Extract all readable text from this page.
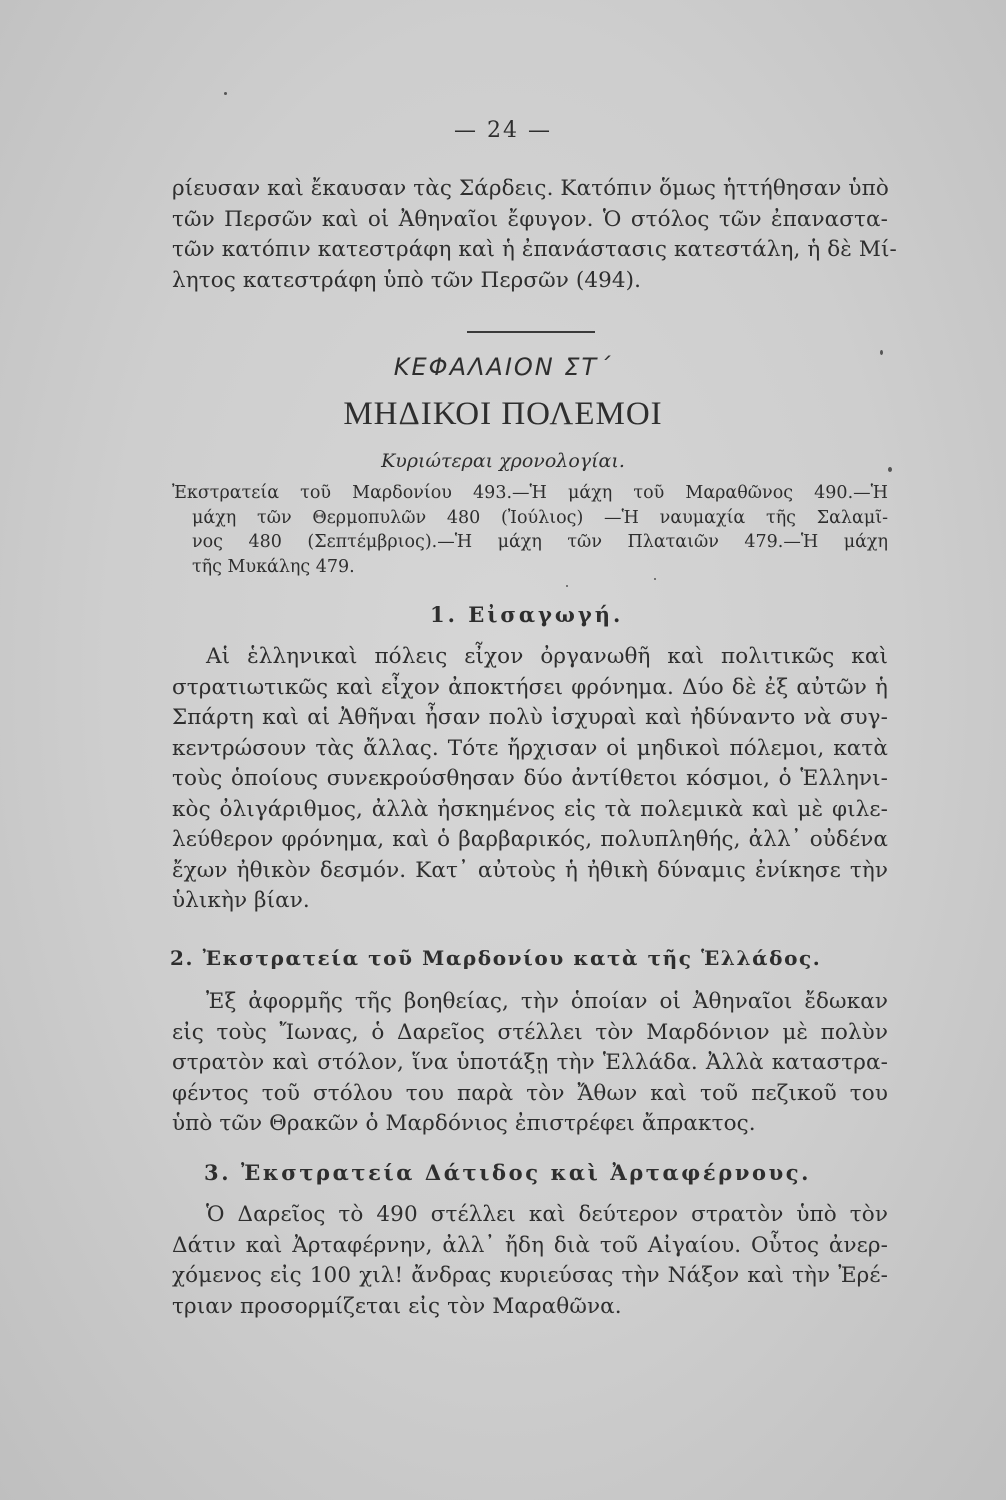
— 24 —
ρίευσαν καὶ ἔκαυσαν τὰς Σάρδεις. Κατόπιν ὅμως ἡττήθησαν ὑπὸ
τῶν Περσῶν καὶ οἱ Ἀθηναῖοι ἔφυγον. Ὁ στόλος τῶν ἐπαναστα-
τῶν κατόπιν κατεστράφη καὶ ἡ ἐπανάστασις κατεστάλη, ἡ δὲ Μί-
λητος κατεστράφη ὑπὸ τῶν Περσῶν (494).
ΚΕΦΑΛΑΙΟΝ ΣΤ΄
ΜΗΔΙΚΟΙ ΠΟΛΕΜΟΙ
Κυριώτεραι χρονολογίαι.
Ἐκστρατεία τοῦ Μαρδονίου 493.—Ἡ μάχη τοῦ Μαραθῶνος 490.—Ἡ
μάχη τῶν Θερμοπυλῶν 480 (Ἰούλιος) —Ἡ ναυμαχία τῆς Σαλαμῖ-
νος 480 (Σεπτέμβριος).—Ἡ μάχη τῶν Πλαταιῶν 479.—Ἡ μάχη
τῆς Μυκάλης 479.
1. Εἰσαγωγή.
Αἱ ἑλληνικαὶ πόλεις εἶχον ὀργανωθῆ καὶ πολιτικῶς καὶ
στρατιωτικῶς καὶ εἶχον ἀποκτήσει φρόνημα. Δύο δὲ ἐξ αὐτῶν ἡ
Σπάρτη καὶ αἱ Ἀθῆναι ἦσαν πολὺ ἰσχυραὶ καὶ ἠδύναντο νὰ συγ-
κεντρώσουν τὰς ἄλλας. Τότε ἤρχισαν οἱ μηδικοὶ πόλεμοι, κατὰ
τοὺς ὁποίους συνεκρούσθησαν δύο ἀντίθετοι κόσμοι, ὁ Ἑλληνι-
κὸς ὀλιγάριθμος, ἀλλὰ ἠσκημένος εἰς τὰ πολεμικὰ καὶ μὲ φιλε-
λεύθερον φρόνημα, καὶ ὁ βαρβαρικός, πολυπληθής, ἀλλ᾽ οὐδένα
ἔχων ἠθικὸν δεσμόν. Κατ᾽ αὐτοὺς ἡ ἠθικὴ δύναμις ἐνίκησε τὴν
ὑλικὴν βίαν.
2. Ἐκστρατεία τοῦ Μαρδονίου κατὰ τῆς Ἑλλάδος.
Ἐξ ἀφορμῆς τῆς βοηθείας, τὴν ὁποίαν οἱ Ἀθηναῖοι ἔδωκαν
εἰς τοὺς Ἴωνας, ὁ Δαρεῖος στέλλει τὸν Μαρδόνιον μὲ πολὺν
στρατὸν καὶ στόλον, ἵνα ὑποτάξῃ τὴν Ἑλλάδα. Ἀλλὰ καταστρα-
φέντος τοῦ στόλου του παρὰ τὸν Ἄθων καὶ τοῦ πεζικοῦ του
ὑπὸ τῶν Θρακῶν ὁ Μαρδόνιος ἐπιστρέφει ἄπρακτος.
3. Ἐκστρατεία Δάτιδος καὶ Ἀρταφέρνους.
Ὁ Δαρεῖος τὸ 490 στέλλει καὶ δεύτερον στρατὸν ὑπὸ τὸν
Δάτιν καὶ Ἀρταφέρνην, ἀλλ᾽ ἤδη διὰ τοῦ Αἰγαίου. Οὗτος ἀνερ-
χόμενος εἰς 100 χιλ! ἄνδρας κυριεύσας τὴν Νάξον καὶ τὴν Ἐρέ-
τριαν προσορμίζεται εἰς τὸν Μαραθῶνα.
